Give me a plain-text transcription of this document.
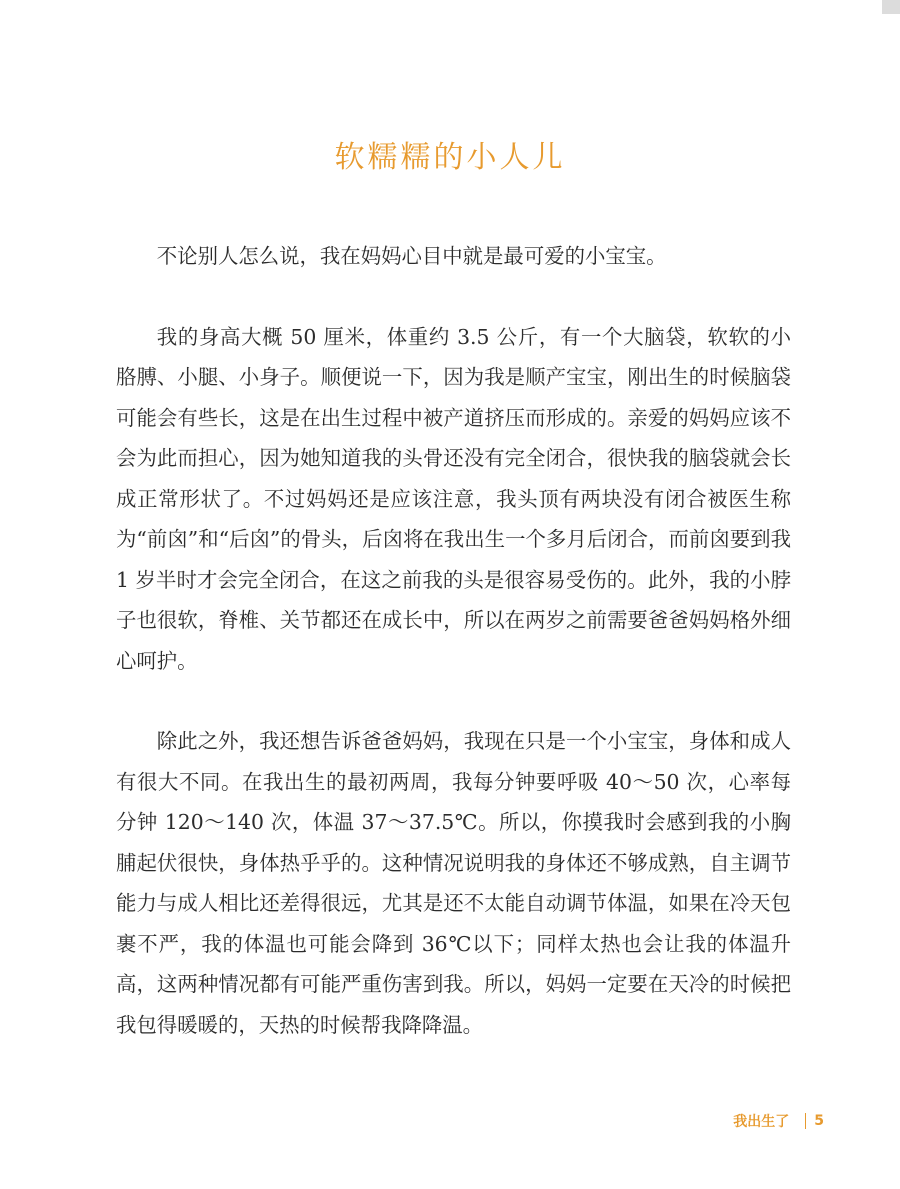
软糯糯的小人儿

不论别人怎么说，我在妈妈心目中就是最可爱的小宝宝。

我的身高大概 50 厘米，体重约 3.5 公斤，有一个大脑袋，软软的小胳膊、小腿、小身子。顺便说一下，因为我是顺产宝宝，刚出生的时候脑袋可能会有些长，这是在出生过程中被产道挤压而形成的。亲爱的妈妈应该不会为此而担心，因为她知道我的头骨还没有完全闭合，很快我的脑袋就会长成正常形状了。不过妈妈还是应该注意，我头顶有两块没有闭合被医生称为“前囟”和“后囟”的骨头，后囟将在我出生一个多月后闭合，而前囟要到我 1 岁半时才会完全闭合，在这之前我的头是很容易受伤的。此外，我的小脖子也很软，脊椎、关节都还在成长中，所以在两岁之前需要爸爸妈妈格外细心呵护。

除此之外，我还想告诉爸爸妈妈，我现在只是一个小宝宝，身体和成人有很大不同。在我出生的最初两周，我每分钟要呼吸 40～50 次，心率每分钟 120～140 次，体温 37～37.5℃。所以，你摸我时会感到我的小胸脯起伏很快，身体热乎乎的。这种情况说明我的身体还不够成熟，自主调节能力与成人相比还差得很远，尤其是还不太能自动调节体温，如果在冷天包裹不严，我的体温也可能会降到 36℃以下；同样太热也会让我的体温升高，这两种情况都有可能严重伤害到我。所以，妈妈一定要在天冷的时候把我包得暖暖的，天热的时候帮我降降温。

我出生了 5
